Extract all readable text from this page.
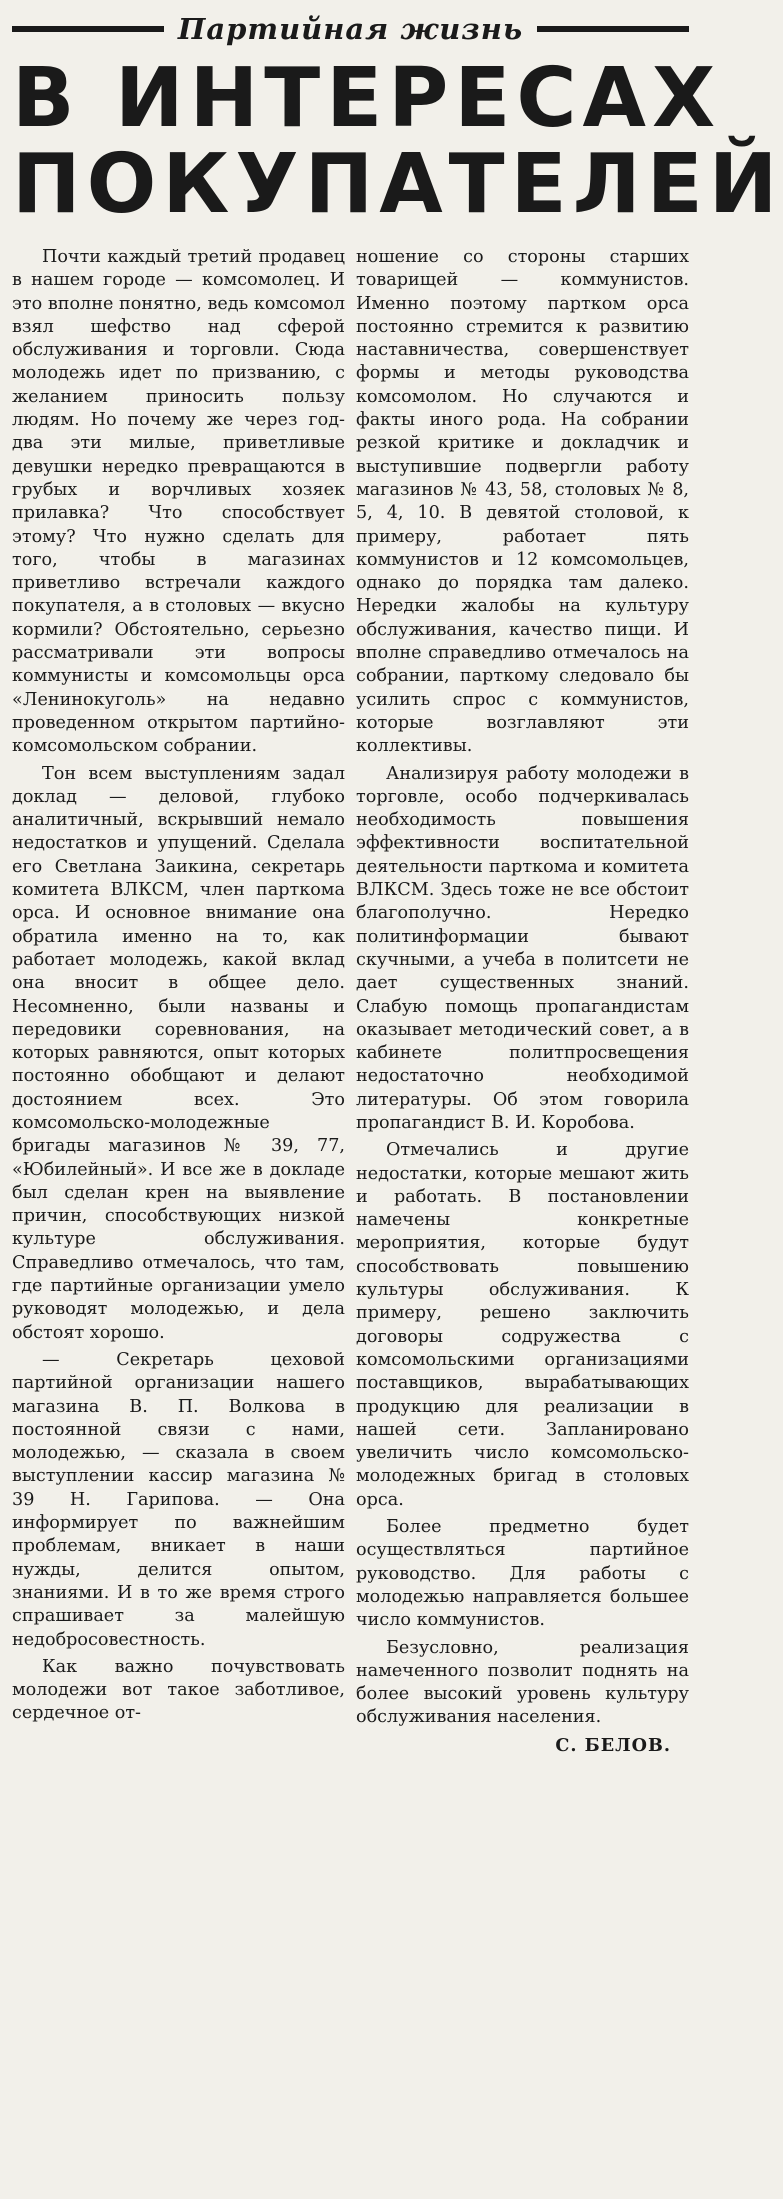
Партийная жизнь
В ИНТЕРЕСАХ
ПОКУПАТЕЛЕЙ

Почти каждый третий продавец в нашем городе — комсомолец. И это вполне понятно, ведь комсомол взял шефство над сферой обслуживания и торговли. Сюда молодежь идет по призванию, с желанием приносить пользу людям. Но почему же через год-два эти милые, приветливые девушки нередко превращаются в грубых и ворчливых хозяек прилавка? Что способствует этому? Что нужно сделать для того, чтобы в магазинах приветливо встречали каждого покупателя, а в столовых — вкусно кормили? Обстоятельно, серьезно рассматривали эти вопросы коммунисты и комсомольцы орса «Ленинокуголь» на недавно проведенном открытом партийно-комсомольском собрании.

Тон всем выступлениям задал доклад — деловой, глубоко аналитичный, вскрывший немало недостатков и упущений. Сделала его Светлана Заикина, секретарь комитета ВЛКСМ, член парткома орса. И основное внимание она обратила именно на то, как работает молодежь, какой вклад она вносит в общее дело. Несомненно, были названы и передовики соревнования, на которых равняются, опыт которых постоянно обобщают и делают достоянием всех. Это комсомольско-молодежные бригады магазинов № 39, 77, «Юбилейный». И все же в докладе был сделан крен на выявление причин, способствующих низкой культуре обслуживания. Справедливо отмечалось, что там, где партийные организации умело руководят молодежью, и дела обстоят хорошо.

— Секретарь цеховой партийной организации нашего магазина В. П. Волкова в постоянной связи с нами, молодежью, — сказала в своем выступлении кассир магазина № 39 Н. Гарипова. — Она информирует по важнейшим проблемам, вникает в наши нужды, делится опытом, знаниями. И в то же время строго спрашивает за малейшую недобросовестность.

Как важно почувствовать молодежи вот такое заботливое, сердечное от-

ношение со стороны старших товарищей — коммунистов. Именно поэтому партком орса постоянно стремится к развитию наставничества, совершенствует формы и методы руководства комсомолом. Но случаются и факты иного рода. На собрании резкой критике и докладчик и выступившие подвергли работу магазинов № 43, 58, столовых № 8, 5, 4, 10. В девятой столовой, к примеру, работает пять коммунистов и 12 комсомольцев, однако до порядка там далеко. Нередки жалобы на культуру обслуживания, качество пищи. И вполне справедливо отмечалось на собрании, парткому следовало бы усилить спрос с коммунистов, которые возглавляют эти коллективы.

Анализируя работу молодежи в торговле, особо подчеркивалась необходимость повышения эффективности воспитательной деятельности парткома и комитета ВЛКСМ. Здесь тоже не все обстоит благополучно. Нередко политинформации бывают скучными, а учеба в политсети не дает существенных знаний. Слабую помощь пропагандистам оказывает методический совет, а в кабинете политпросвещения недостаточно необходимой литературы. Об этом говорила пропагандист В. И. Коробова.

Отмечались и другие недостатки, которые мешают жить и работать. В постановлении намечены конкретные мероприятия, которые будут способствовать повышению культуры обслуживания. К примеру, решено заключить договоры содружества с комсомольскими организациями поставщиков, вырабатывающих продукцию для реализации в нашей сети. Запланировано увеличить число комсомольско-молодежных бригад в столовых орса.

Более предметно будет осуществляться партийное руководство. Для работы с молодежью направляется большее число коммунистов.

Безусловно, реализация намеченного позволит поднять на более высокий уровень культуру обслуживания населения.

С. БЕЛОВ.
